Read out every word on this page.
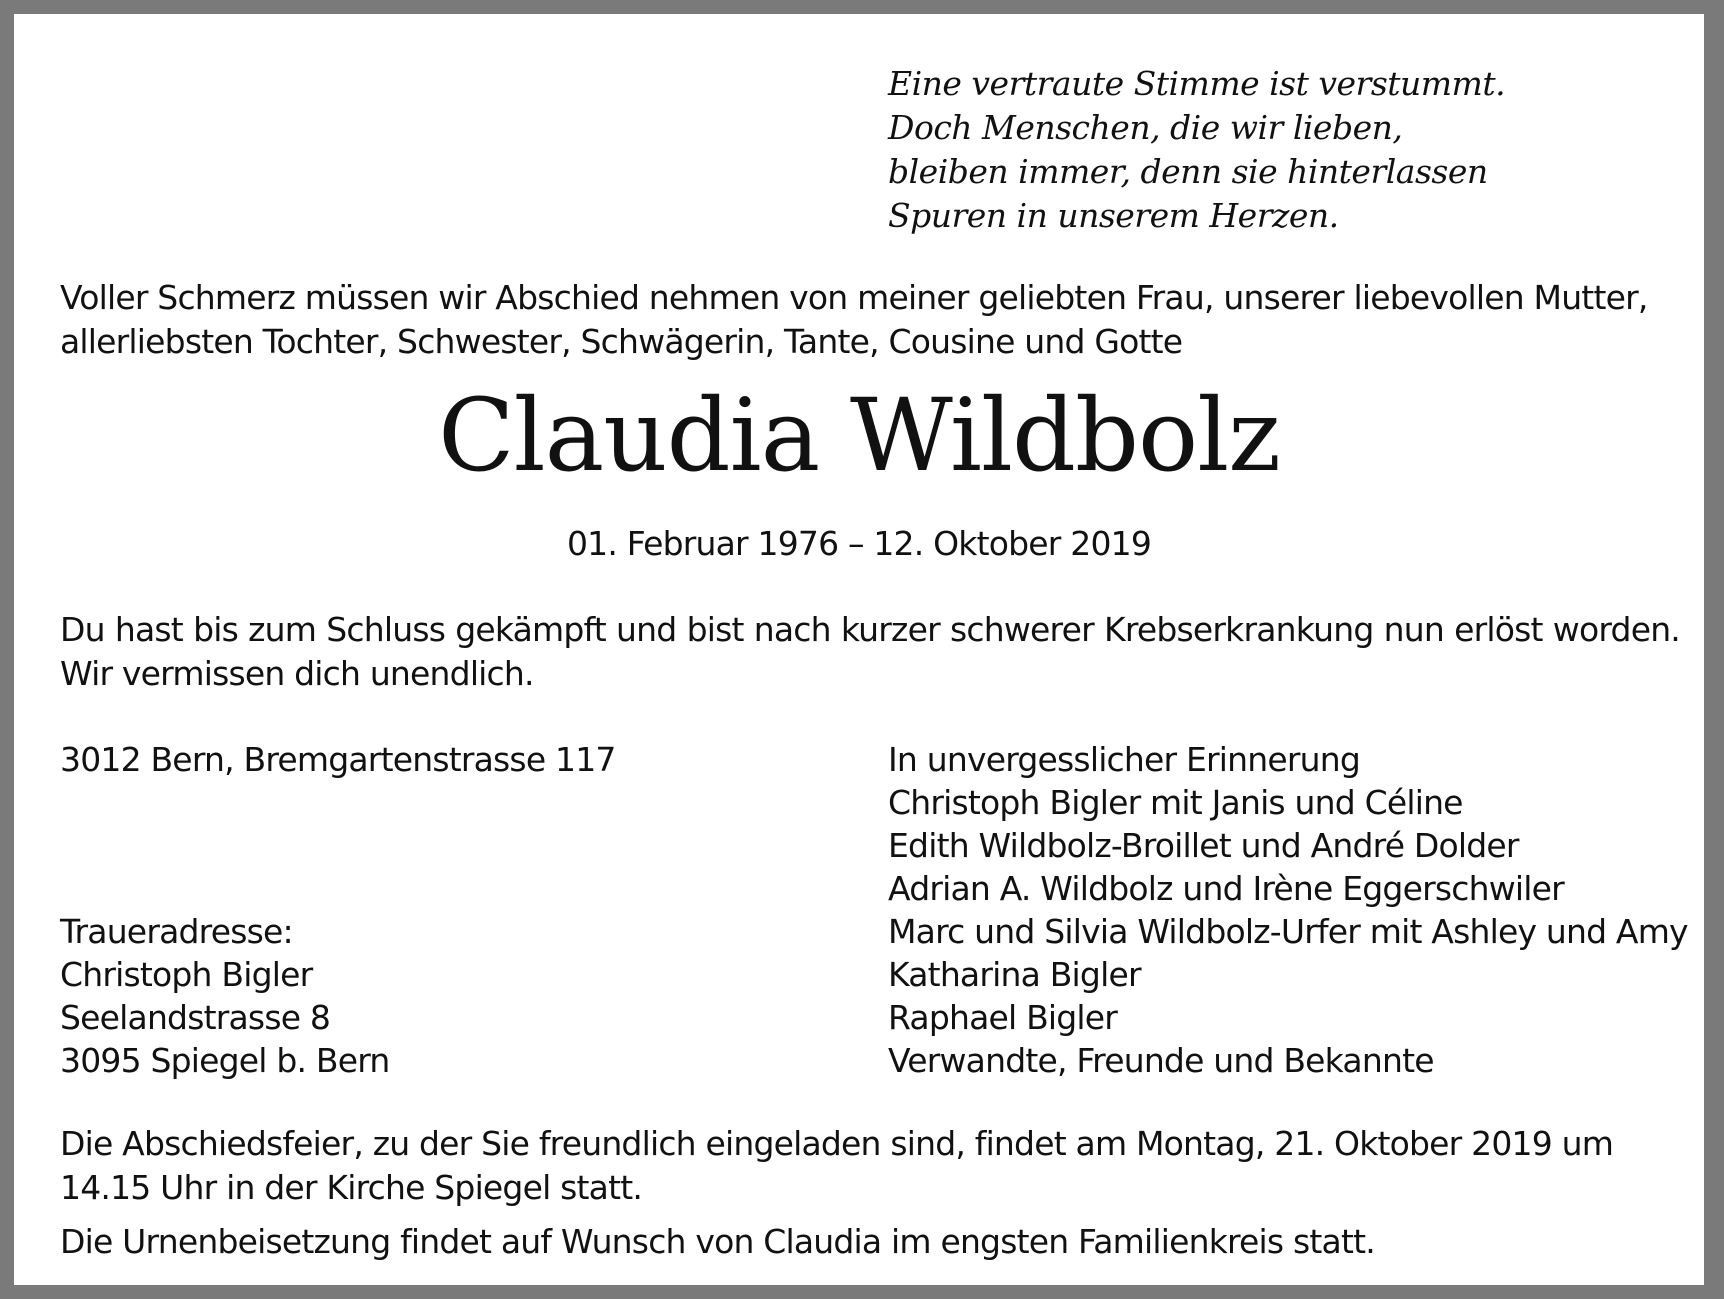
Eine vertraute Stimme ist verstummt.
Doch Menschen, die wir lieben,
bleiben immer, denn sie hinterlassen
Spuren in unserem Herzen.
Voller Schmerz müssen wir Abschied nehmen von meiner geliebten Frau, unserer liebevollen Mutter, allerliebsten Tochter, Schwester, Schwägerin, Tante, Cousine und Gotte
Claudia Wildbolz
01. Februar 1976 – 12. Oktober 2019
Du hast bis zum Schluss gekämpft und bist nach kurzer schwerer Krebserkrankung nun erlöst worden. Wir vermissen dich unendlich.
3012 Bern, Bremgartenstrasse 117
Traueradresse:
Christoph Bigler
Seelandstrasse 8
3095 Spiegel b. Bern
In unvergesslicher Erinnerung
Christoph Bigler mit Janis und Céline
Edith Wildbolz-Broillet und André Dolder
Adrian A. Wildbolz und Irène Eggerschwiler
Marc und Silvia Wildbolz-Urfer mit Ashley und Amy
Katharina Bigler
Raphael Bigler
Verwandte, Freunde und Bekannte
Die Abschiedsfeier, zu der Sie freundlich eingeladen sind, findet am Montag, 21. Oktober 2019 um 14.15 Uhr in der Kirche Spiegel statt.
Die Urnenbeisetzung findet auf Wunsch von Claudia im engsten Familienkreis statt.
